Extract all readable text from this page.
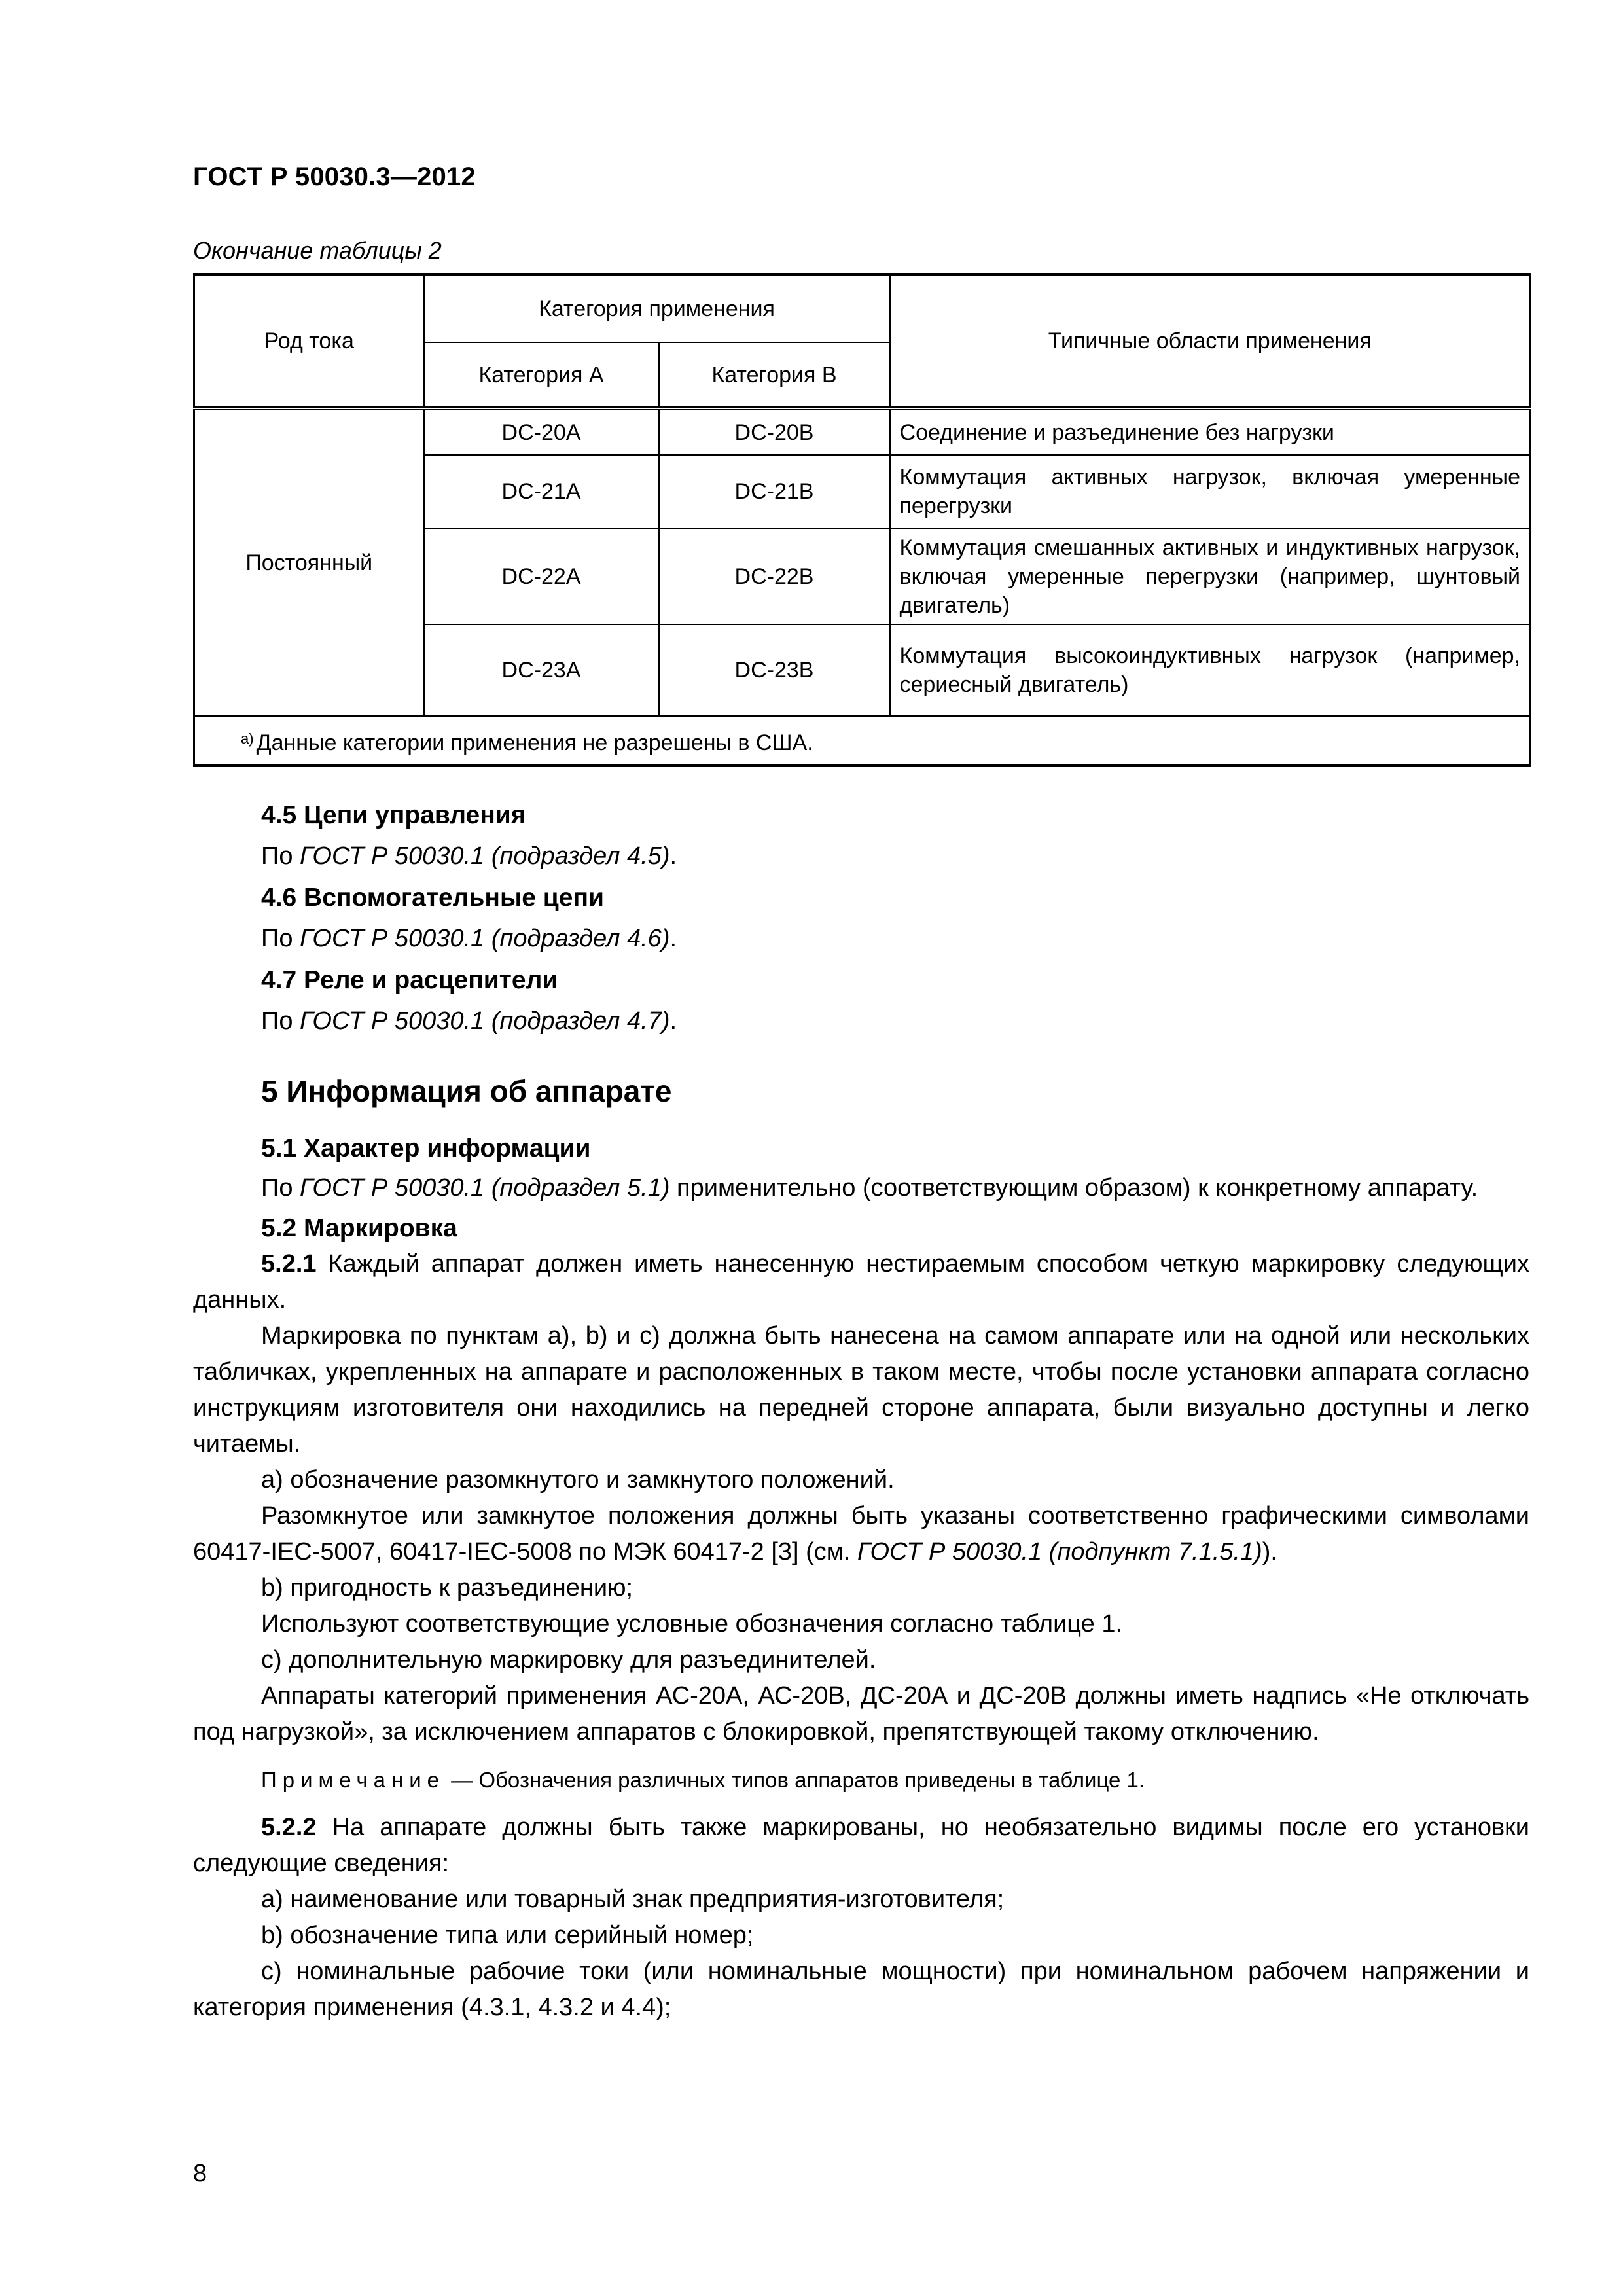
ГОСТ Р 50030.3—2012
Окончание таблицы 2
Род тока	Категория применения		Типичные области применения
	Категория А	Категория В	
Постоянный	DC-20A	DC-20B	Соединение и разъединение без нагрузки
	DC-21A	DC-21B	Коммутация активных нагрузок, включая умеренные перегрузки
	DC-22A	DC-22B	Коммутация смешанных активных и индуктивных нагрузок, включая умеренные перегрузки (например, шунтовый двигатель)
	DC-23A	DC-23B	Коммутация высокоиндуктивных нагрузок (например, сериесный двигатель)
$^{а)}$ Данные категории применения не разрешены в США.			
4.5 Цепи управления
По ГОСТ Р 50030.1 (подраздел 4.5).
4.6 Вспомогательные цепи
По ГОСТ Р 50030.1 (подраздел 4.6).
4.7 Реле и расцепители
По ГОСТ Р 50030.1 (подраздел 4.7).
5 Информация об аппарате
5.1 Характер информации
По ГОСТ Р 50030.1 (подраздел 5.1) применительно (соответствующим образом) к конкретному аппарату.
5.2 Маркировка
5.2.1 Каждый аппарат должен иметь нанесенную нестираемым способом четкую маркировку следующих данных.
Маркировка по пунктам а), b) и с) должна быть нанесена на самом аппарате или на одной или нескольких табличках, укрепленных на аппарате и расположенных в таком месте, чтобы после установки аппарата согласно инструкциям изготовителя они находились на передней стороне аппарата, были визуально доступны и легко читаемы.
а) обозначение разомкнутого и замкнутого положений.
Разомкнутое или замкнутое положения должны быть указаны соответственно графическими символами 60417-IEC-5007, 60417-IEC-5008 по МЭК 60417-2 [3] (см. ГОСТ Р 50030.1 (подпункт 7.1.5.1)).
b) пригодность к разъединению;
Используют соответствующие условные обозначения согласно таблице 1.
с) дополнительную маркировку для разъединителей.
Аппараты категорий применения АС-20А, АС-20В, ДС-20А и ДС-20В должны иметь надпись «Не отключать под нагрузкой», за исключением аппаратов с блокировкой, препятствующей такому отключению.
Примечание — Обозначения различных типов аппаратов приведены в таблице 1.
5.2.2 На аппарате должны быть также маркированы, но необязательно видимы после его установки следующие сведения:
а) наименование или товарный знак предприятия-изготовителя;
b) обозначение типа или серийный номер;
с) номинальные рабочие токи (или номинальные мощности) при номинальном рабочем напряжении и категория применения (4.3.1, 4.3.2 и 4.4);
8
